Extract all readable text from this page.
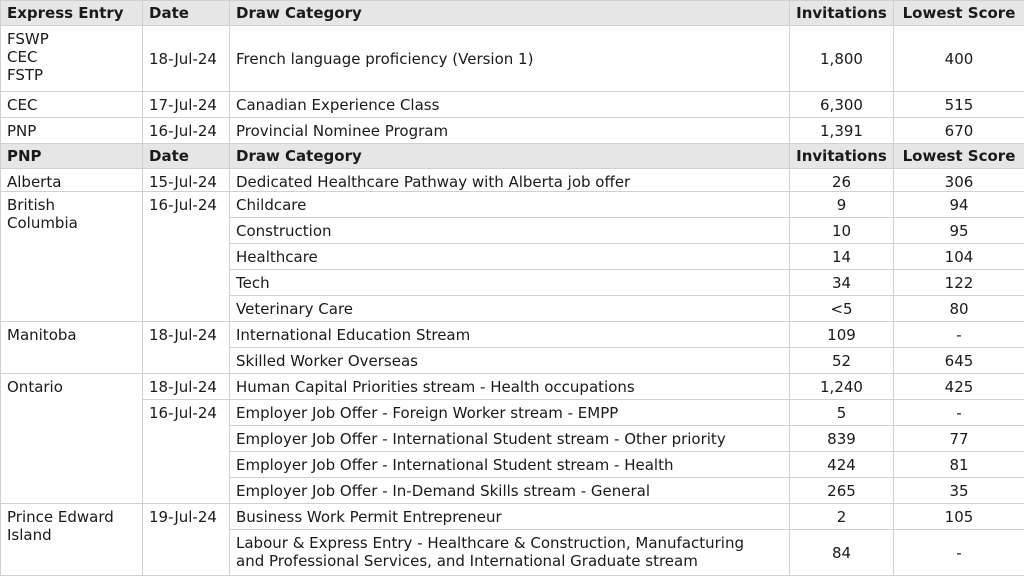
Express Entry	Date	Draw Category	Invitations	Lowest Score

FSWP
CEC
FSTP	18-Jul-24	French language proficiency (Version 1)	1,800	400
CEC	17-Jul-24	Canadian Experience Class	6,300	515
PNP	16-Jul-24	Provincial Nominee Program	1,391	670
PNP	Date	Draw Category	Invitations	Lowest Score

Alberta	15-Jul-24	Dedicated Healthcare Pathway with Alberta job offer	26	306

British
Columbia	16-Jul-24	Childcare	9	94
		Construction	10	95
		Healthcare	14	104
		Tech	34	122
		Veterinary Care	<5	80

Manitoba	18-Jul-24	International Education Stream	109	-
		Skilled Worker Overseas	52	645

Ontario	18-Jul-24	Human Capital Priorities stream - Health occupations	1,240	425
	16-Jul-24	Employer Job Offer - Foreign Worker stream - EMPP	5	-
		Employer Job Offer - International Student stream - Other priority	839	77
		Employer Job Offer - International Student stream - Health	424	81
		Employer Job Offer - In-Demand Skills stream - General	265	35

Prince Edward
Island	19-Jul-24	Business Work Permit Entrepreneur	2	105

		Labour & Express Entry - Healthcare & Construction, Manufacturing
and Professional Services, and International Graduate stream	84	-
